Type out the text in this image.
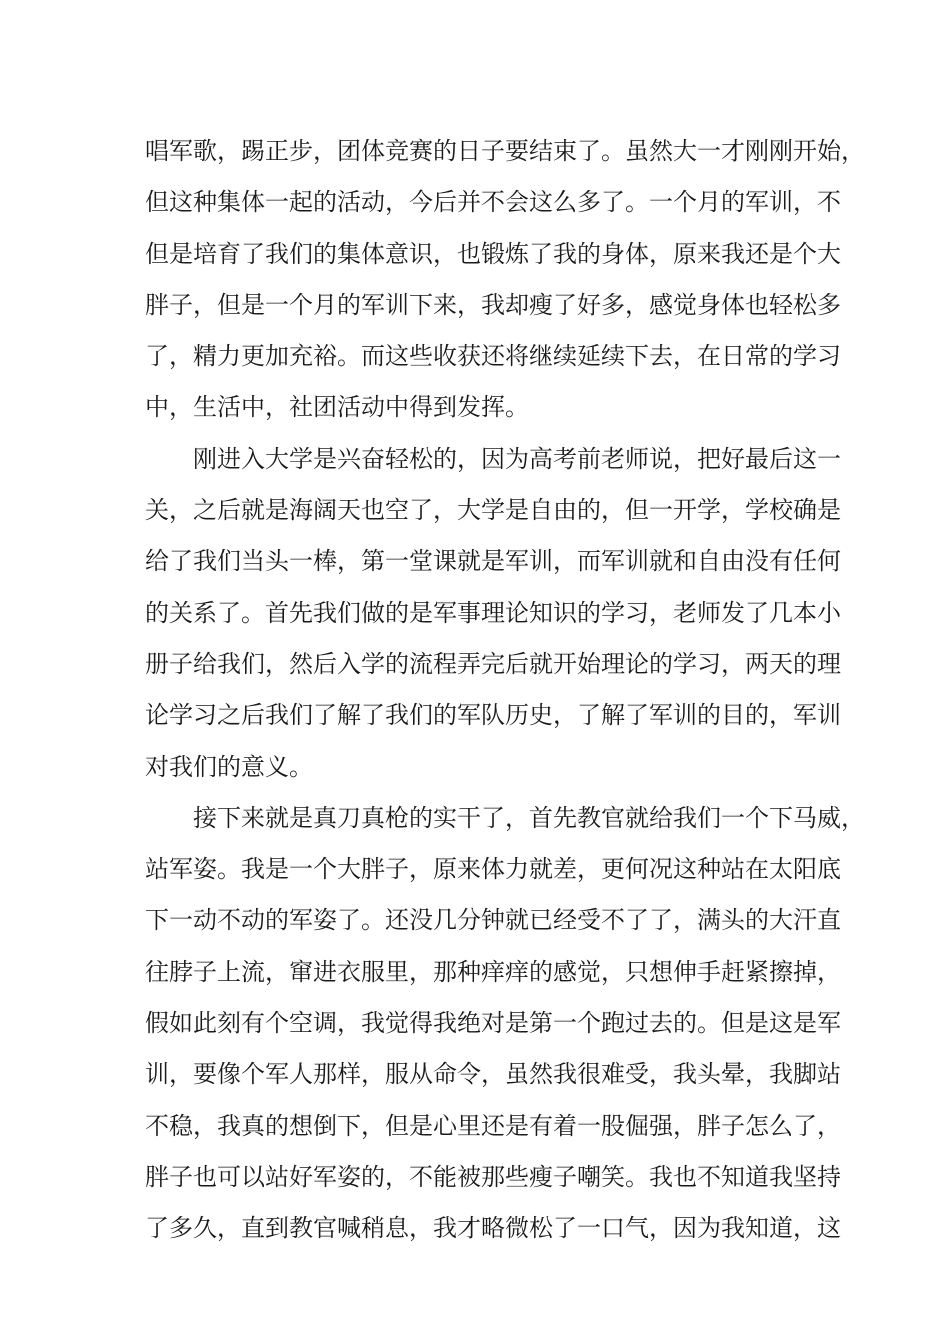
唱军歌，踢正步，团体竞赛的日子要结束了。虽然大一才刚刚开始，
但这种集体一起的活动，今后并不会这么多了。一个月的军训，不
但是培育了我们的集体意识，也锻炼了我的身体，原来我还是个大
胖子，但是一个月的军训下来，我却瘦了好多，感觉身体也轻松多
了，精力更加充裕。而这些收获还将继续延续下去，在日常的学习
中，生活中，社团活动中得到发挥。

刚进入大学是兴奋轻松的，因为高考前老师说，把好最后这一
关，之后就是海阔天也空了，大学是自由的，但一开学，学校确是
给了我们当头一棒，第一堂课就是军训，而军训就和自由没有任何
的关系了。首先我们做的是军事理论知识的学习，老师发了几本小
册子给我们，然后入学的流程弄完后就开始理论的学习，两天的理
论学习之后我们了解了我们的军队历史，了解了军训的目的，军训
对我们的意义。

接下来就是真刀真枪的实干了，首先教官就给我们一个下马威，
站军姿。我是一个大胖子，原来体力就差，更何况这种站在太阳底
下一动不动的军姿了。还没几分钟就已经受不了了，满头的大汗直
往脖子上流，窜进衣服里，那种痒痒的感觉，只想伸手赶紧擦掉，
假如此刻有个空调，我觉得我绝对是第一个跑过去的。但是这是军
训，要像个军人那样，服从命令，虽然我很难受，我头晕，我脚站
不稳，我真的想倒下，但是心里还是有着一股倔强，胖子怎么了，
胖子也可以站好军姿的，不能被那些瘦子嘲笑。我也不知道我坚持
了多久，直到教官喊稍息，我才略微松了一口气，因为我知道，这
